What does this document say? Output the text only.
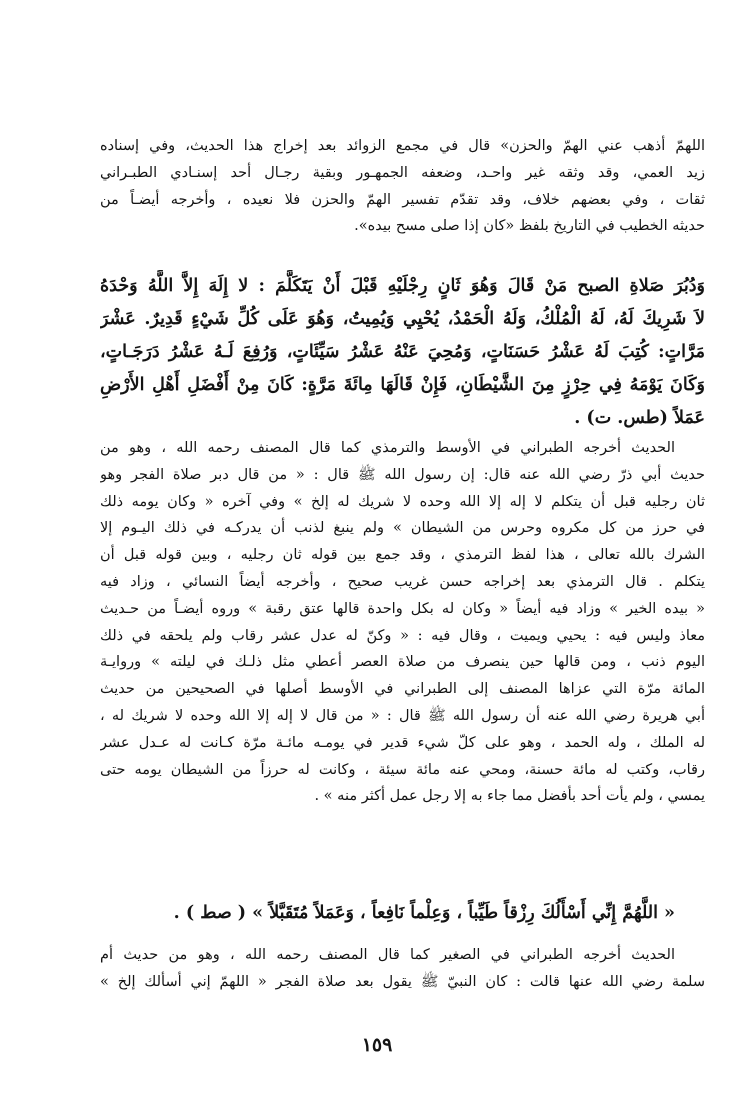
اللهمّ أذهب عني الهمّ والحزن» قال في مجمع الزوائد بعد إخراج هذا الحديث، وفي إسناده
زيد العمي، وقد وثقه غير واحـد، وضعفه الجمهـور وبقية رجـال أحد إسنـادي الطبـراني
ثقات ، وفي بعضهم خلاف، وقد تقدّم تفسير الهمّ والحزن فلا نعيده ، وأخرجه أيضـاً من
حديثه الخطيب في التاريخ بلفظ «كان إذا صلى مسح بيده».
وَدُبُرَ صَلاةِ الصبح مَنْ قَالَ وَهُوَ ثَانٍ رِجْلَيْهِ قَبْلَ أَنْ يَتَكَلَّمَ : لا إِلَهَ إِلاَّ اللَّهُ وَحْدَهُ
لاَ شَرِيكَ لَهُ، لَهُ الْمُلْكُ، وَلَهُ الْحَمْدُ، يُحْيِي وَيُمِيتُ، وَهُوَ عَلَى كُلِّ شَيْءٍ قَدِيرٌ. عَشْرَ
مَرَّاتٍ: كُتِبَ لَهُ عَشْرُ حَسَنَاتٍ، وَمُحِيَ عَنْهُ عَشْرُ سَيِّئَاتٍ، وَرُفِعَ لَـهُ عَشْرُ دَرَجَـاتٍ،
وَكَانَ يَوْمَهُ فِي حِرْزٍ مِنَ الشَّيْطَانِ، فَإِنْ قَالَهَا مِائَةَ مَرَّةٍ: كَانَ مِنْ أَفْضَلِ أَهْلِ الأَرْضِ
عَمَلاً (طس. ت) .
الحديث أخرجه الطبراني في الأوسط والترمذي كما قال المصنف رحمه الله ، وهو من
حديث أبي ذرّ رضي الله عنه قال: إن رسول الله ﷺ قال : « من قال دبر صلاة الفجر وهو
ثان رجليه قبل أن يتكلم لا إله إلا الله وحده لا شريك له إلخ » وفي آخره « وكان يومه ذلك
في حرز من كل مكروه وحرس من الشيطان » ولم ينبغ لذنب أن يدركـه في ذلك اليـوم إلا
الشرك بالله تعالى ، هذا لفظ الترمذي ، وقد جمع بين قوله ثان رجليه ، وبين قوله قبل أن
يتكلم . قال الترمذي بعد إخراجه حسن غريب صحيح ، وأخرجه أيضاً النسائي ، وزاد فيه
« بيده الخير » وزاد فيه أيضاً « وكان له بكل واحدة قالها عتق رقبة » وروه أيضـاً من حـديث
معاذ وليس فيه : يحيي ويميت ، وقال فيه : « وكنّ له عدل عشر رقاب ولم يلحقه في ذلك
اليوم ذنب ، ومن قالها حين ينصرف من صلاة العصر أعطي مثل ذلـك في ليلته » وروايـة
المائة مرّة التي عزاها المصنف إلى الطبراني في الأوسط أصلها في الصحيحين من حديث
أبي هريرة رضي الله عنه أن رسول الله ﷺ قال : « من قال لا إله إلا الله وحده لا شريك له ،
له الملك ، وله الحمد ، وهو على كلّ شيء قدير في يومـه مائـة مرّة كـانت له عـدل عشر
رقاب، وكتب له مائة حسنة، ومحي عنه مائة سيئة ، وكانت له حرزاً من الشيطان يومه حتى
يمسي ، ولم يأت أحد بأفضل مما جاء به إلا رجل عمل أكثر منه » .
« اللَّهُمَّ إِنِّي أَسْأَلُكَ رِزْقاً طَيِّباً ، وَعِلْماً نَافِعاً ، وَعَمَلاً مُتَقَبَّلاً » ( صط ) .
الحديث أخرجه الطبراني في الصغير كما قال المصنف رحمه الله ، وهو من حديث أم
سلمة رضي الله عنها قالت : كان النبيّ ﷺ يقول بعد صلاة الفجر « اللهمّ إني أسألك إلخ »
١٥٩
